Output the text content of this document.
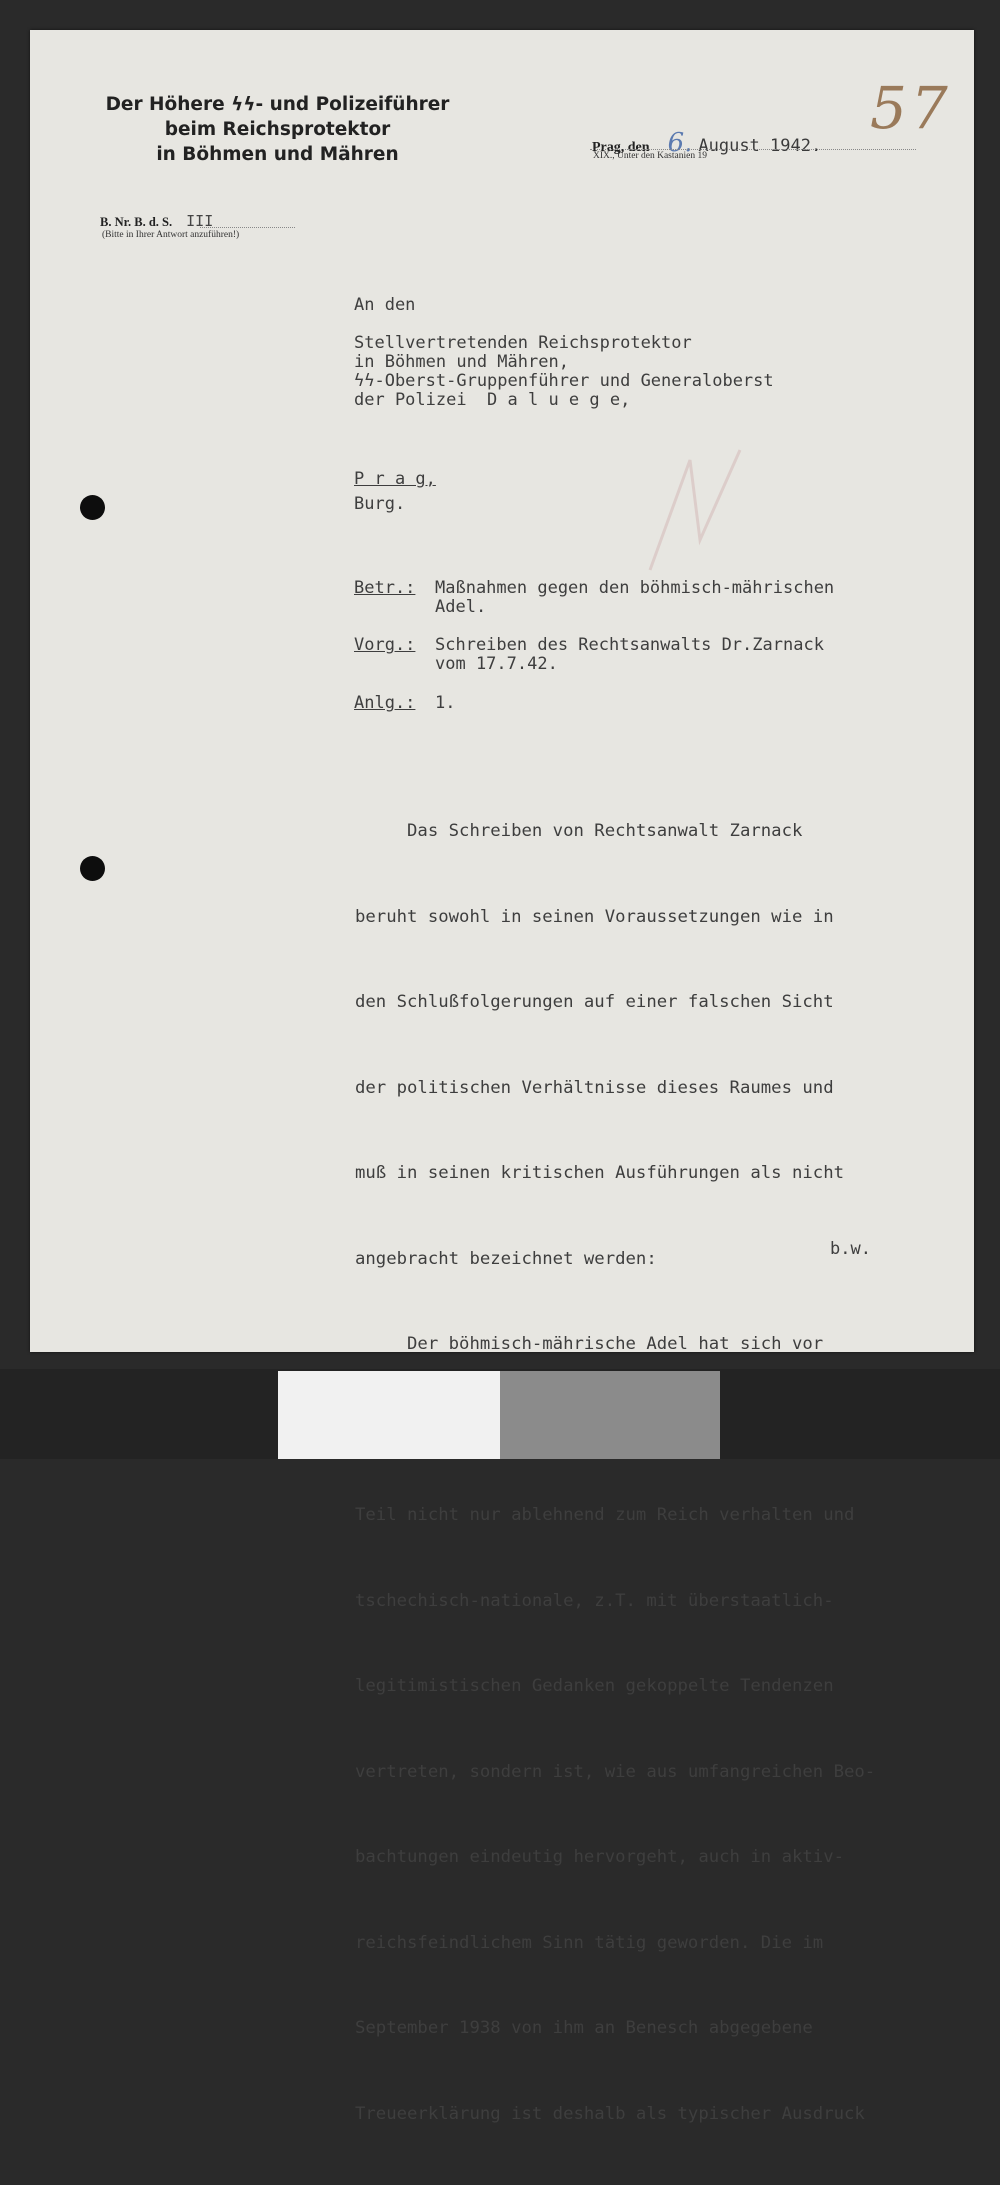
Der Höhere ϟϟ- und Polizeiführer
beim Reichsprotektor
in Böhmen und Mähren
57
Prag, den 6. August 1942.
XIX., Unter den Kastanien 19
B. Nr. B. d. S. III
(Bitte in Ihrer Antwort anzuführen!)
An den
Stellvertretenden Reichsprotektor
in Böhmen und Mähren,
ϟϟ-Oberst-Gruppenführer und Generaloberst
der Polizei  D a l u e g e,
P r a g,
Burg.
Betr.: Maßnahmen gegen den böhmisch-mährischen
Adel.
Vorg.: Schreiben des Rechtsanwalts Dr.Zarnack
vom 17.7.42.
Anlg.: 1.

Das Schreiben von Rechtsanwalt Zarnack

beruht sowohl in seinen Voraussetzungen wie in

den Schlußfolgerungen auf einer falschen Sicht

der politischen Verhältnisse dieses Raumes und

muß in seinen kritischen Ausführungen als nicht

angebracht bezeichnet werden:

Der böhmisch-mährische Adel hat sich vor

Teil nicht nur ablehnend zum Reich verhalten und

tschechisch-nationale, z.T. mit überstaatlich-

legitimistischen Gedanken gekoppelte Tendenzen

vertreten, sondern ist, wie aus umfangreichen Beo-

bachtungen eindeutig hervorgeht, auch in aktiv-

reichsfeindlichem Sinn tätig geworden. Die im

September 1938 von ihm an Benesch abgegebene

Treueerklärung ist deshalb als typischer Ausdruck

b.w.
